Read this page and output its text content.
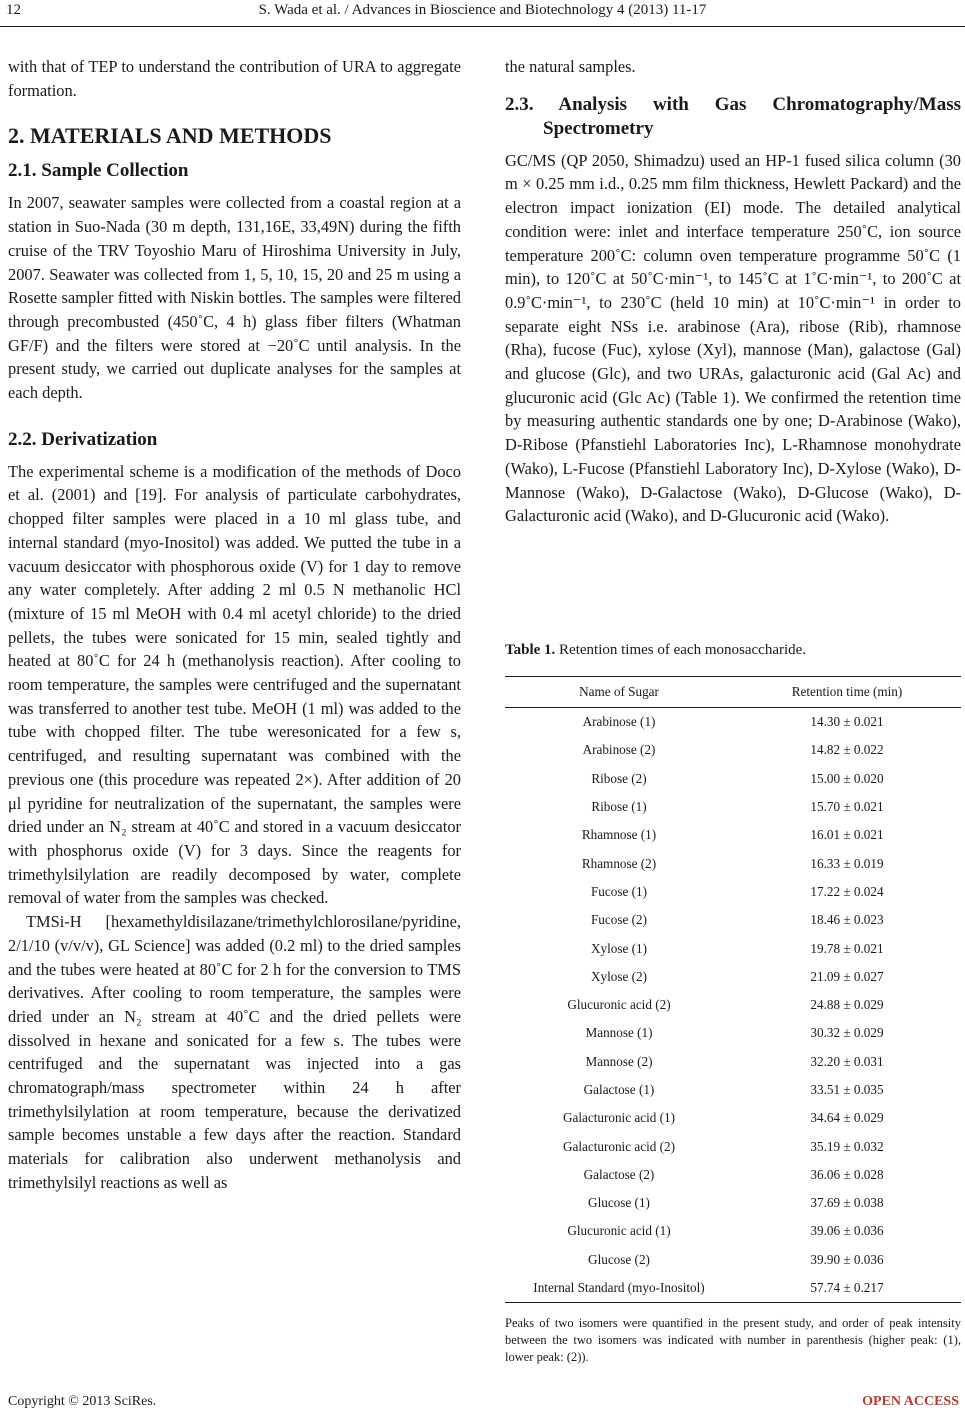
12	S. Wada et al. / Advances in Bioscience and Biotechnology 4 (2013) 11-17

with that of TEP to understand the contribution of URA to aggregate formation.

2. MATERIALS AND METHODS
2.1. Sample Collection

In 2007, seawater samples were collected from a coastal region at a station in Suo-Nada (30 m depth, 131,16E, 33,49N) during the fifth cruise of the TRV Toyoshio Maru of Hiroshima University in July, 2007. Seawater was collected from 1, 5, 10, 15, 20 and 25 m using a Rosette sampler fitted with Niskin bottles. The samples were filtered through precombusted (450˚C, 4 h) glass fiber filters (Whatman GF/F) and the filters were stored at −20˚C until analysis. In the present study, we carried out duplicate analyses for the samples at each depth.

2.2. Derivatization

The experimental scheme is a modification of the methods of Doco et al. (2001) and [19]. For analysis of particulate carbohydrates, chopped filter samples were placed in a 10 ml glass tube, and internal standard (myo-Inositol) was added. We putted the tube in a vacuum desiccator with phosphorous oxide (V) for 1 day to remove any water completely. After adding 2 ml 0.5 N methanolic HCl (mixture of 15 ml MeOH with 0.4 ml acetyl chloride) to the dried pellets, the tubes were sonicated for 15 min, sealed tightly and heated at 80˚C for 24 h (methanolysis reaction). After cooling to room temperature, the samples were centrifuged and the supernatant was transferred to another test tube. MeOH (1 ml) was added to the tube with chopped filter. The tube weresonicated for a few s, centrifuged, and resulting supernatant was combined with the previous one (this procedure was repeated 2×). After addition of 20 μl pyridine for neutralization of the supernatant, the samples were dried under an N₂ stream at 40˚C and stored in a vacuum desiccator with phosphorus oxide (V) for 3 days. Since the reagents for trimethylsilylation are readily decomposed by water, complete removal of water from the samples was checked.

TMSi-H [hexamethyldisilazane/trimethylchlorosilane/pyridine, 2/1/10 (v/v/v), GL Science] was added (0.2 ml) to the dried samples and the tubes were heated at 80˚C for 2 h for the conversion to TMS derivatives. After cooling to room temperature, the samples were dried under an N₂ stream at 40˚C and the dried pellets were dissolved in hexane and sonicated for a few s. The tubes were centrifuged and the supernatant was injected into a gas chromatograph/mass spectrometer within 24 h after trimethylsilylation at room temperature, because the derivatized sample becomes unstable a few days after the reaction. Standard materials for calibration also underwent methanolysis and trimethylsilyl reactions as well as

the natural samples.

2.3. Analysis with Gas Chromatography/Mass Spectrometry

GC/MS (QP 2050, Shimadzu) used an HP-1 fused silica column (30 m × 0.25 mm i.d., 0.25 mm film thickness, Hewlett Packard) and the electron impact ionization (EI) mode. The detailed analytical condition were: inlet and interface temperature 250˚C, ion source temperature 200˚C: column oven temperature programme 50˚C (1 min), to 120˚C at 50˚C·min⁻¹, to 145˚C at 1˚C·min⁻¹, to 200˚C at 0.9˚C·min⁻¹, to 230˚C (held 10 min) at 10˚C·min⁻¹ in order to separate eight NSs i.e. arabinose (Ara), ribose (Rib), rhamnose (Rha), fucose (Fuc), xylose (Xyl), mannose (Man), galactose (Gal) and glucose (Glc), and two URAs, galacturonic acid (Gal Ac) and glucuronic acid (Glc Ac) (Table 1). We confirmed the retention time by measuring authentic standards one by one; D-Arabinose (Wako), D-Ribose (Pfanstiehl Laboratories Inc), L-Rhamnose monohydrate (Wako), L-Fucose (Pfanstiehl Laboratory Inc), D-Xylose (Wako), D-Mannose (Wako), D-Galactose (Wako), D-Glucose (Wako), D-Galacturonic acid (Wako), and D-Glucuronic acid (Wako).

Table 1. Retention times of each monosaccharide.
Name of Sugar	Retention time (min)
Arabinose (1)	14.30 ± 0.021
Arabinose (2)	14.82 ± 0.022
Ribose (2)	15.00 ± 0.020
Ribose (1)	15.70 ± 0.021
Rhamnose (1)	16.01 ± 0.021
Rhamnose (2)	16.33 ± 0.019
Fucose (1)	17.22 ± 0.024
Fucose (2)	18.46 ± 0.023
Xylose (1)	19.78 ± 0.021
Xylose (2)	21.09 ± 0.027
Glucuronic acid (2)	24.88 ± 0.029
Mannose (1)	30.32 ± 0.029
Mannose (2)	32.20 ± 0.031
Galactose (1)	33.51 ± 0.035
Galacturonic acid (1)	34.64 ± 0.029
Galacturonic acid (2)	35.19 ± 0.032
Galactose (2)	36.06 ± 0.028
Glucose (1)	37.69 ± 0.038
Glucuronic acid (1)	39.06 ± 0.036
Glucose (2)	39.90 ± 0.036
Internal Standard (myo-Inositol)	57.74 ± 0.217
Peaks of two isomers were quantified in the present study, and order of peak intensity between the two isomers was indicated with number in parenthesis (higher peak: (1), lower peak: (2)).
Copyright © 2013 SciRes.	OPEN ACCESS
